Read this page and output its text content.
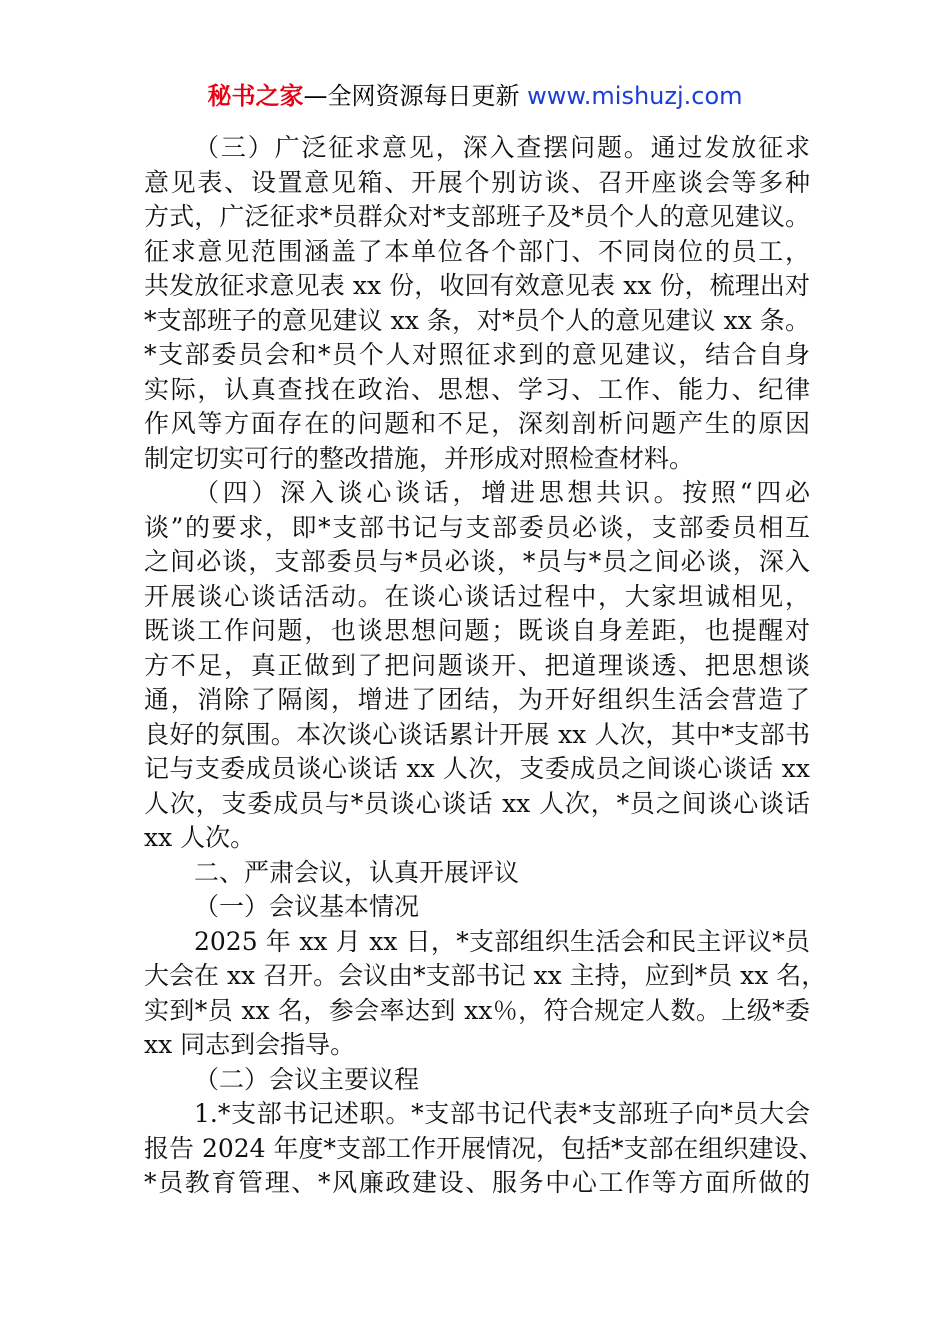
秘书之家—全网资源每日更新 www.mishuzj.com
（三）广泛征求意见，深入查摆问题。通过发放征求
意见表、设置意见箱、开展个别访谈、召开座谈会等多种
方式，广泛征求*员群众对*支部班子及*员个人的意见建议。
征求意见范围涵盖了本单位各个部门、不同岗位的员工，
共发放征求意见表 xx 份，收回有效意见表 xx 份，梳理出对
*支部班子的意见建议 xx 条，对*员个人的意见建议 xx 条。
*支部委员会和*员个人对照征求到的意见建议，结合自身
实际，认真查找在政治、思想、学习、工作、能力、纪律
作风等方面存在的问题和不足，深刻剖析问题产生的原因
制定切实可行的整改措施，并形成对照检查材料。
（四）深入谈心谈话，增进思想共识。按照“四必
谈”的要求，即*支部书记与支部委员必谈，支部委员相互
之间必谈，支部委员与*员必谈，*员与*员之间必谈，深入
开展谈心谈话活动。在谈心谈话过程中，大家坦诚相见，
既谈工作问题，也谈思想问题；既谈自身差距，也提醒对
方不足，真正做到了把问题谈开、把道理谈透、把思想谈
通，消除了隔阂，增进了团结，为开好组织生活会营造了
良好的氛围。本次谈心谈话累计开展 xx 人次，其中*支部书
记与支委成员谈心谈话 xx 人次，支委成员之间谈心谈话 xx
人次，支委成员与*员谈心谈话 xx 人次，*员之间谈心谈话
xx 人次。
二、严肃会议，认真开展评议
（一）会议基本情况
2025 年 xx 月 xx 日，*支部组织生活会和民主评议*员
大会在 xx 召开。会议由*支部书记 xx 主持，应到*员 xx 名，
实到*员 xx 名，参会率达到 xx％，符合规定人数。上级*委
xx 同志到会指导。
（二）会议主要议程
1.*支部书记述职。*支部书记代表*支部班子向*员大会
报告 2024 年度*支部工作开展情况，包括*支部在组织建设、
*员教育管理、*风廉政建设、服务中心工作等方面所做的
